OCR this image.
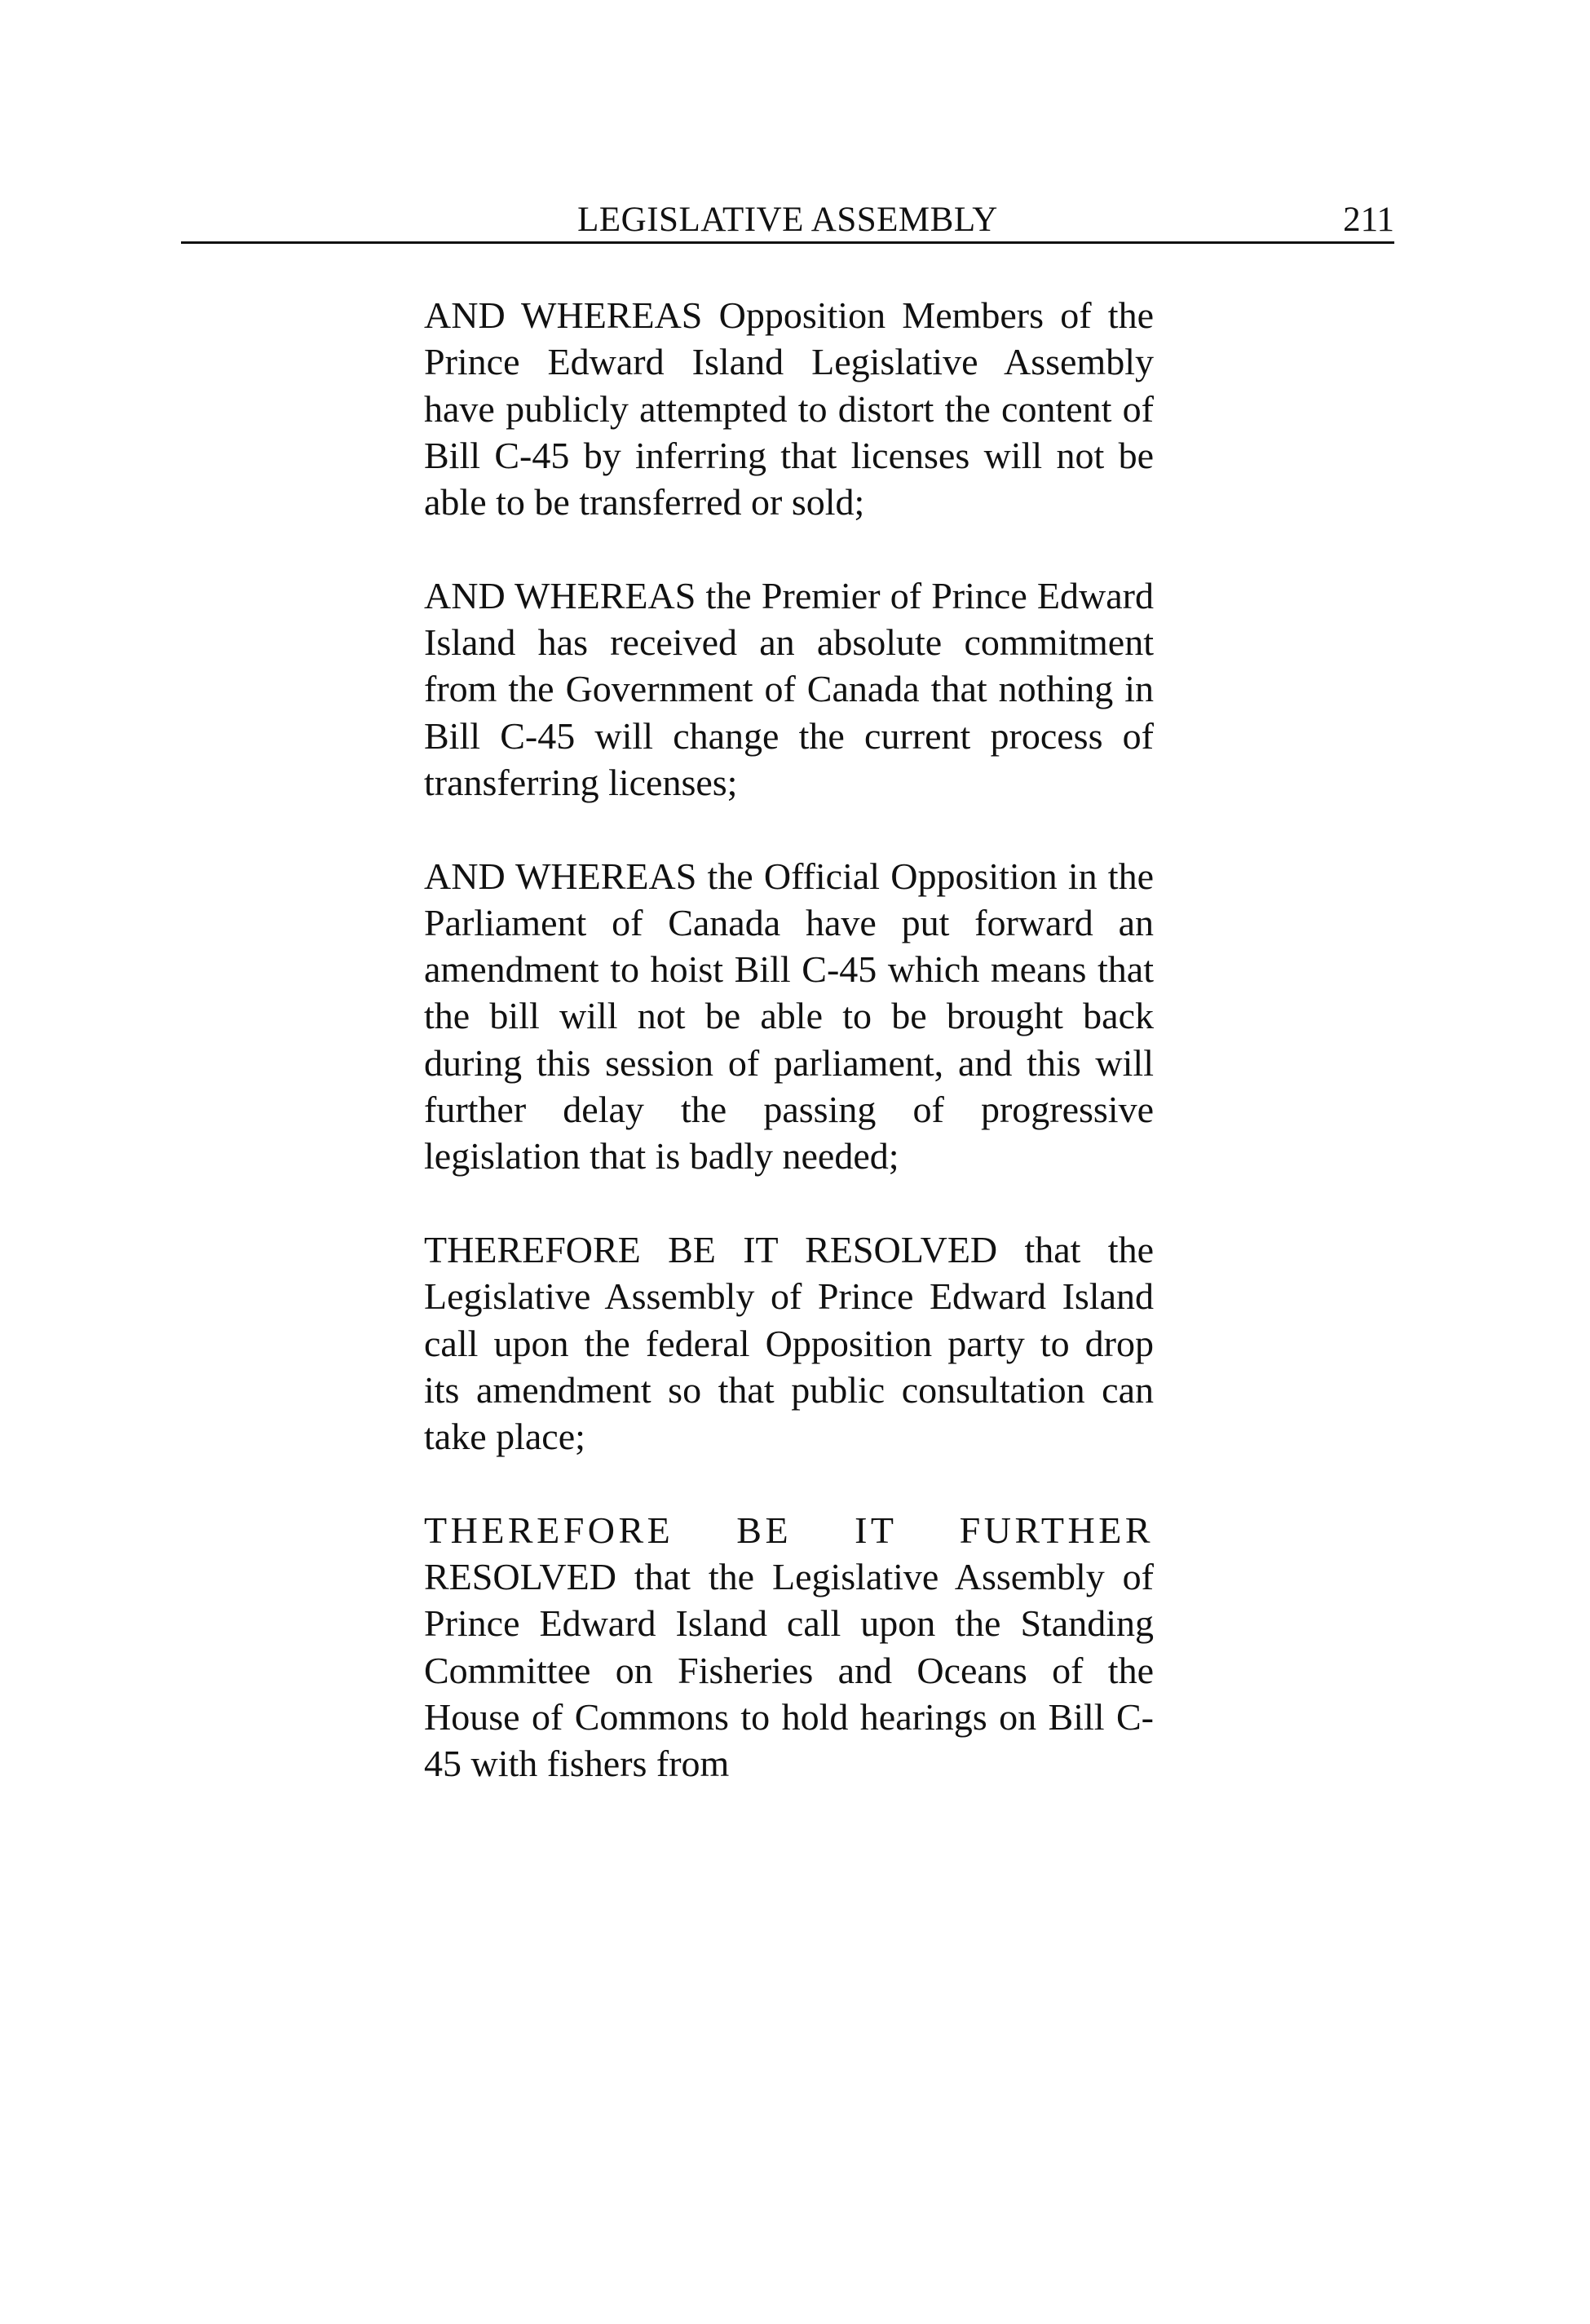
LEGISLATIVE ASSEMBLY	211

AND WHEREAS Opposition Members of the Prince Edward Island Legislative Assembly have publicly attempted to distort the content of Bill C-45 by inferring that licenses will not be able to be transferred or sold;

AND WHEREAS the Premier of Prince Edward Island has received an absolute commitment from the Government of Canada that nothing in Bill C-45 will change the current process of transferring licenses;

AND WHEREAS the Official Opposition in the Parliament of Canada have put forward an amendment to hoist Bill C-45 which means that the bill will not be able to be brought back during this session of parliament, and this will further delay the passing of progressive legislation that is badly needed;

THEREFORE BE IT RESOLVED that the Legislative Assembly of Prince Edward Island call upon the federal Opposition party to drop its amendment so that public consultation can take place;

THEREFORE BE IT FURTHER RESOLVED that the Legislative Assembly of Prince Edward Island call upon the Standing Committee on Fisheries and Oceans of the House of Commons to hold hearings on Bill C-45 with fishers from
